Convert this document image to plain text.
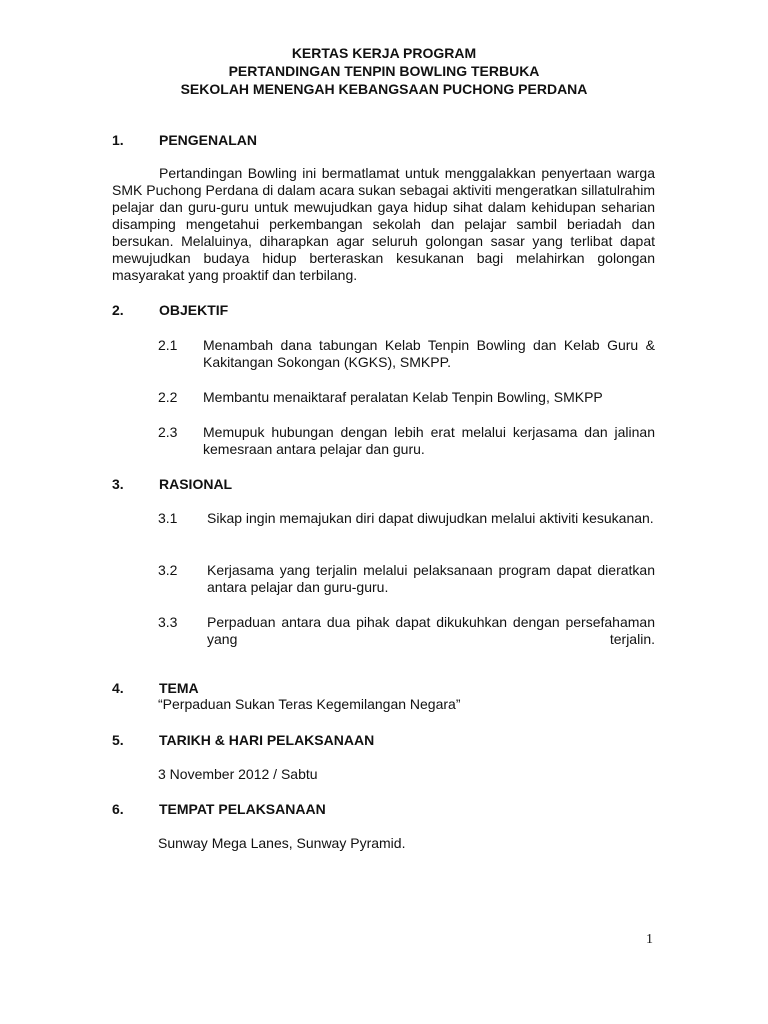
KERTAS KERJA PROGRAM
PERTANDINGAN TENPIN BOWLING TERBUKA
SEKOLAH MENENGAH KEBANGSAAN PUCHONG PERDANA
1.	PENGENALAN
Pertandingan Bowling ini bermatlamat untuk menggalakkan penyertaan warga SMK Puchong Perdana di dalam acara sukan sebagai aktiviti mengeratkan sillatulrahim pelajar dan guru-guru untuk mewujudkan gaya hidup sihat dalam kehidupan seharian disamping mengetahui perkembangan sekolah dan pelajar sambil beriadah dan bersukan. Melaluinya, diharapkan agar seluruh golongan sasar yang terlibat dapat mewujudkan budaya hidup berteraskan kesukanan bagi melahirkan golongan masyarakat yang proaktif dan terbilang.
2.	OBJEKTIF
2.1 Menambah dana tabungan Kelab Tenpin Bowling dan Kelab Guru & Kakitangan Sokongan (KGKS), SMKPP.
2.2 Membantu menaiktaraf peralatan Kelab Tenpin Bowling, SMKPP
2.3 Memupuk hubungan dengan lebih erat melalui kerjasama dan jalinan kemesraan antara pelajar dan guru.
3.	RASIONAL
3.1 Sikap ingin memajukan diri dapat diwujudkan melalui aktiviti kesukanan.
3.2 Kerjasama yang terjalin melalui pelaksanaan program dapat dieratkan antara pelajar dan guru-guru.
3.3 Perpaduan antara dua pihak dapat dikukuhkan dengan persefahaman yang terjalin.
4.	TEMA
“Perpaduan Sukan Teras Kegemilangan Negara”
5.	TARIKH & HARI PELAKSANAAN
3 November 2012 / Sabtu
6.	TEMPAT PELAKSANAAN
Sunway Mega Lanes, Sunway Pyramid.
1
